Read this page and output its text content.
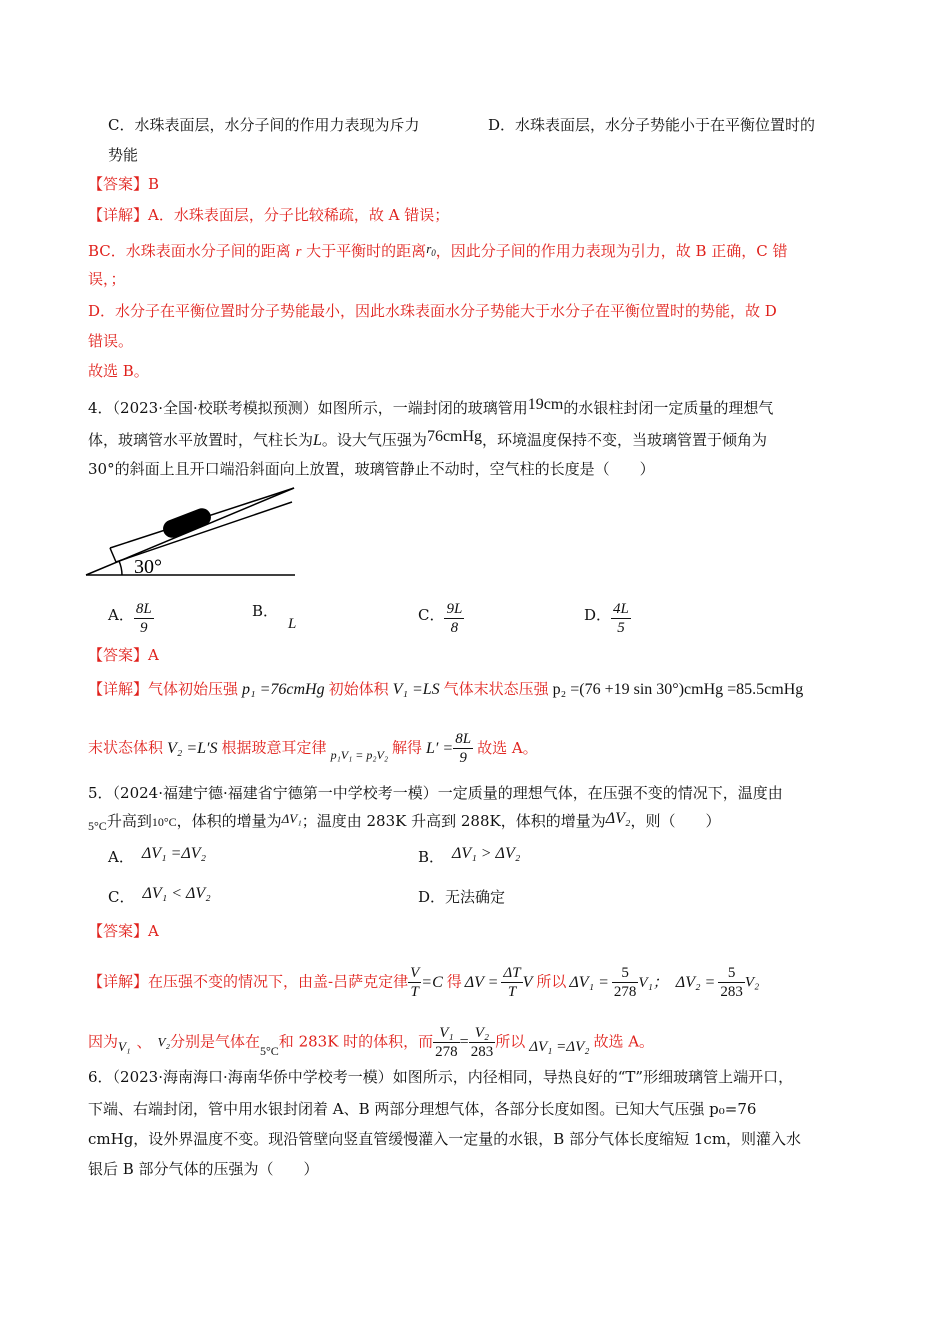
C．水珠表面层，水分子间的作用力表现为斥力	D．水珠表面层，水分子势能小于在平衡位置时的
势能
【答案】B
【详解】A．水珠表面层，分子比较稀疏，故 A 错误；
BC．水珠表面水分子间的距离 r 大于平衡时的距离$r_0$，因此分子间的作用力表现为引力，故 B 正确，C 错
误，；
D．水分子在平衡位置时分子势能最小，因此水珠表面水分子势能大于水分子在平衡位置时的势能，故 D
错误。
故选 B。
4．（2023·全国·校联考模拟预测）如图所示，一端封闭的玻璃管用19cm的水银柱封闭一定质量的理想气
体，玻璃管水平放置时，气柱长为L。设大气压强为76cmHg，环境温度保持不变，当玻璃管置于倾角为
30°的斜面上且开口端沿斜面向上放置，玻璃管静止不动时，空气柱的长度是（　　）
30°
A． $\frac{8L}{9}$	B．L	C． $\frac{9L}{8}$	D． $\frac{4L}{5}$
【答案】A
【详解】气体初始压强 p₁ =76cmHg 初始体积 V₁ =LS 气体末状态压强 p₂ =(76 +19 sin 30°)cmHg =85.5cmHg
末状态体积 V₂ =L′S 根据玻意耳定律 $_{p_1V_1 = p_2V_2}$ 解得 $L' = \frac{8L}{9}$ 故选 A。
5．（2024·福建宁德·福建省宁德第一中学校考一模）一定质量的理想气体，在压强不变的情况下，温度由
$_{5^\circ C}$升高到10°C，体积的增量为ΔV₁；温度由 283K 升高到 288K，体积的增量为ΔV₂，则（　　）
A． ΔV₁ =ΔV₂	B． ΔV₁ > ΔV₂
C． ΔV₁ < ΔV₂	D．无法确定
【答案】A
【详解】在压强不变的情况下，由盖-吕萨克定律 $\frac{V}{T} =C$ 得 $\Delta V = \frac{\Delta T}{T}$ V 所以 $\Delta V_1 = \frac{5}{278} V_1$； $\Delta V_2 = \frac{5}{283} V_2$
因为V₁ 、 V₂分别是气体在$_{5^\circ C}$和 283K 时的体积，而 $\frac{\text{V₁}}{278} = \frac{\text{V₂}}{283}$ 所以 ΔV₁ =ΔV₂ 故选 A。
6．（2023·海南海口·海南华侨中学校考一模）如图所示，内径相同，导热良好的“T”形细玻璃管上端开口，
下端、右端封闭，管中用水银封闭着 A、B 两部分理想气体，各部分长度如图。已知大气压强 p₀=76
cmHg，设外界温度不变。现沿管壁向竖直管缓慢灌入一定量的水银，B 部分气体长度缩短 1cm，则灌入水
银后 B 部分气体的压强为（　　）
